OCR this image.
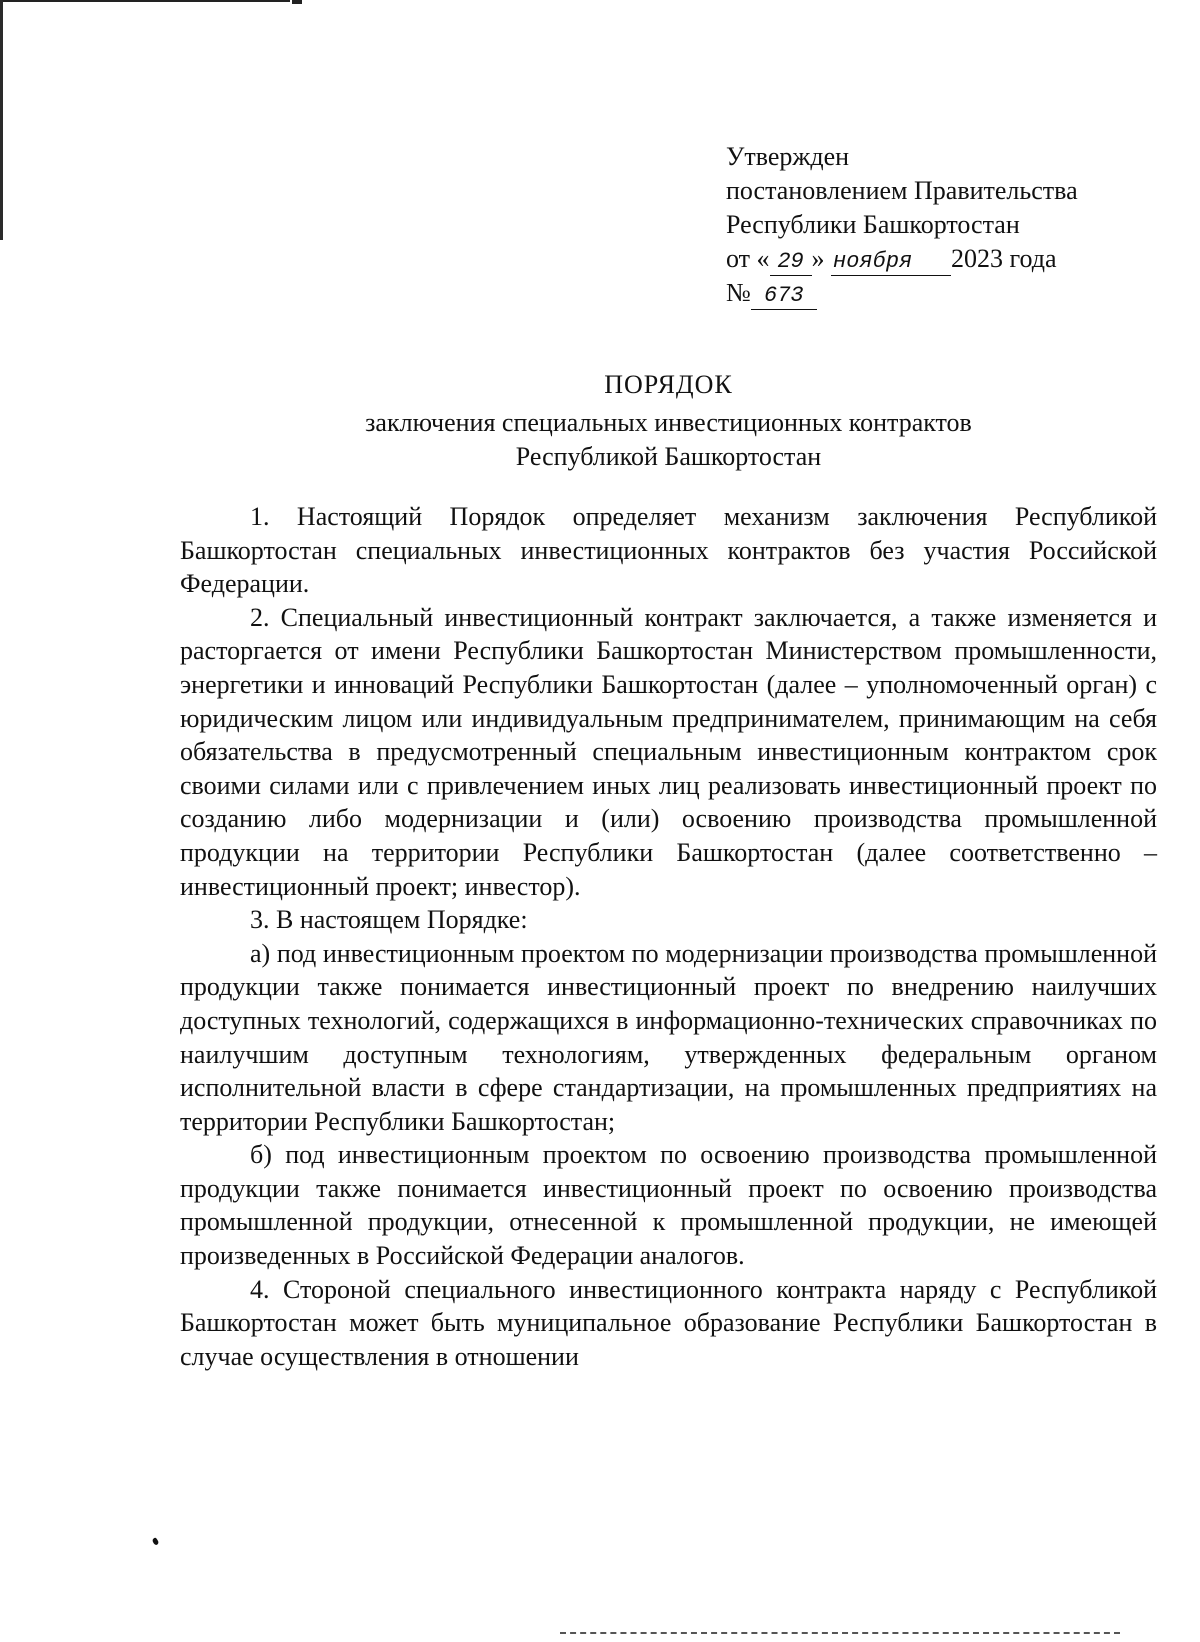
Утвержден
постановлением Правительства
Республики Башкортостан
от « 29 » ноября 2023 года
№ 673
ПОРЯДОК
заключения специальных инвестиционных контрактов
Республикой Башкортостан

1. Настоящий Порядок определяет механизм заключения Республикой Башкортостан специальных инвестиционных контрактов без участия Российской Федерации.

2. Специальный инвестиционный контракт заключается, а также изменяется и расторгается от имени Республики Башкортостан Министерством промышленности, энергетики и инноваций Республики Башкортостан (далее – уполномоченный орган) с юридическим лицом или индивидуальным предпринимателем, принимающим на себя обязательства в предусмотренный специальным инвестиционным контрактом срок своими силами или с привлечением иных лиц реализовать инвестиционный проект по созданию либо модернизации и (или) освоению производства промышленной продукции на территории Республики Башкортостан (далее соответственно – инвестиционный проект; инвестор).

3. В настоящем Порядке:

а) под инвестиционным проектом по модернизации производства промышленной продукции также понимается инвестиционный проект по внедрению наилучших доступных технологий, содержащихся в информационно-технических справочниках по наилучшим доступным технологиям, утвержденных федеральным органом исполнительной власти в сфере стандартизации, на промышленных предприятиях на территории Республики Башкортостан;

б) под инвестиционным проектом по освоению производства промышленной продукции также понимается инвестиционный проект по освоению производства промышленной продукции, отнесенной к промышленной продукции, не имеющей произведенных в Российской Федерации аналогов.

4. Стороной специального инвестиционного контракта наряду с Республикой Башкортостан может быть муниципальное образование Республики Башкортостан в случае осуществления в отношении
